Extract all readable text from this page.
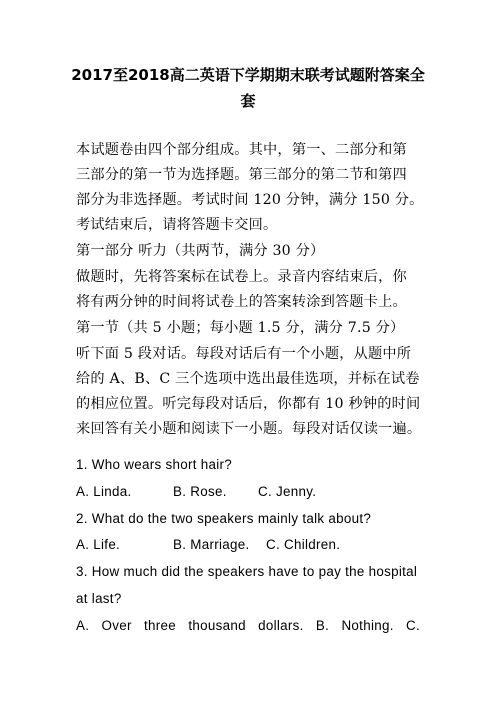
2017至2018高二英语下学期期末联考试题附答案全
套
本试题卷由四个部分组成。其中，第一、二部分和第
三部分的第一节为选择题。第三部分的第二节和第四
部分为非选择题。考试时间 120 分钟，满分 150 分。
考试结束后，请将答题卡交回。
第一部分 听力（共两节，满分 30 分）
做题时，先将答案标在试卷上。录音内容结束后，你
将有两分钟的时间将试卷上的答案转涂到答题卡上。
第一节（共 5 小题；每小题 1.5 分，满分 7.5 分）
听下面 5 段对话。每段对话后有一个小题，从题中所
给的 A、B、C 三个选项中选出最佳选项，并标在试卷
的相应位置。听完每段对话后，你都有 10 秒钟的时间
来回答有关小题和阅读下一小题。每段对话仅读一遍。
1. Who wears short hair?
A. Linda.	B. Rose. C. Jenny.
2. What do the two speakers mainly talk about?
A. Life.	B. Marriage. C. Children.
3. How much did the speakers have to pay the hospital
at last?
A. Over three thousand dollars. B. Nothing. C.
